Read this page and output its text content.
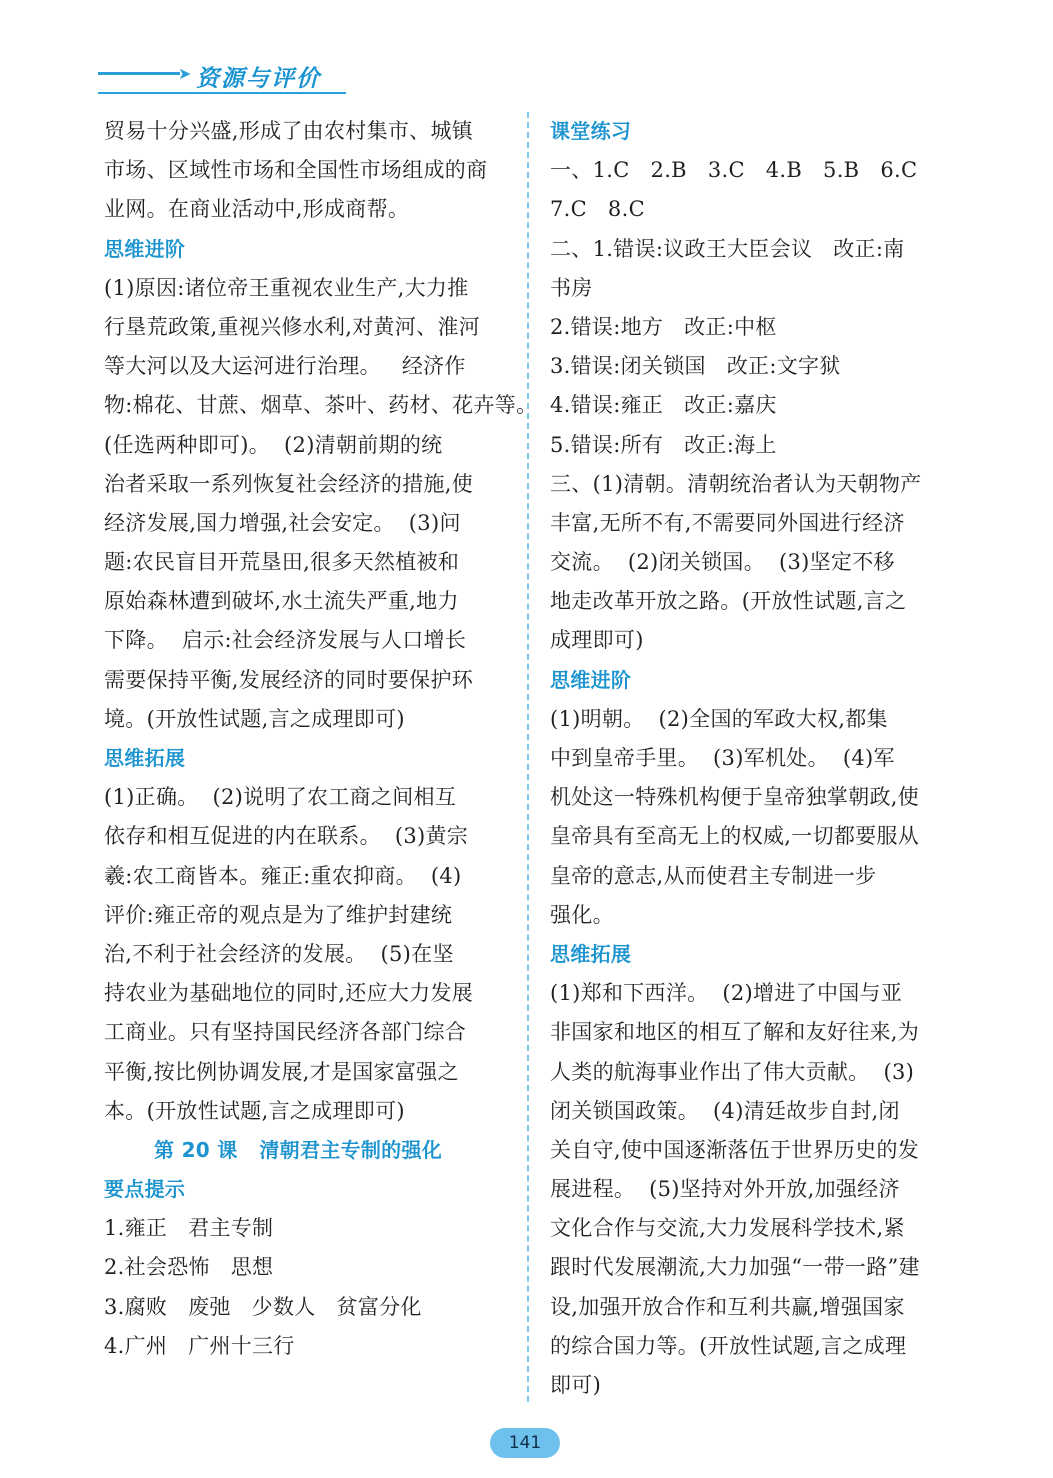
➤ 资源与评价
贸易十分兴盛,形成了由农村集市、城镇
市场、区域性市场和全国性市场组成的商
业网。在商业活动中,形成商帮。
思维进阶
(1)原因:诸位帝王重视农业生产,大力推
行垦荒政策,重视兴修水利,对黄河、淮河
等大河以及大运河进行治理。   经济作
物:棉花、甘蔗、烟草、茶叶、药材、花卉等。
(任选两种即可)。  (2)清朝前期的统
治者采取一系列恢复社会经济的措施,使
经济发展,国力增强,社会安定。  (3)问
题:农民盲目开荒垦田,很多天然植被和
原始森林遭到破坏,水土流失严重,地力
下降。  启示:社会经济发展与人口增长
需要保持平衡,发展经济的同时要保护环
境。(开放性试题,言之成理即可)
思维拓展
(1)正确。  (2)说明了农工商之间相互
依存和相互促进的内在联系。  (3)黄宗
羲:农工商皆本。雍正:重农抑商。  (4)
评价:雍正帝的观点是为了维护封建统
治,不利于社会经济的发展。  (5)在坚
持农业为基础地位的同时,还应大力发展
工商业。只有坚持国民经济各部门综合
平衡,按比例协调发展,才是国家富强之
本。(开放性试题,言之成理即可)
第 20 课   清朝君主专制的强化
要点提示
1.雍正   君主专制
2.社会恐怖   思想
3.腐败   废弛   少数人   贫富分化
4.广州   广州十三行
课堂练习
一、1.C   2.B   3.C   4.B   5.B   6.C
7.C   8.C
二、1.错误:议政王大臣会议   改正:南
书房
2.错误:地方   改正:中枢
3.错误:闭关锁国   改正:文字狱
4.错误:雍正   改正:嘉庆
5.错误:所有   改正:海上
三、(1)清朝。清朝统治者认为天朝物产
丰富,无所不有,不需要同外国进行经济
交流。  (2)闭关锁国。  (3)坚定不移
地走改革开放之路。(开放性试题,言之
成理即可)
思维进阶
(1)明朝。  (2)全国的军政大权,都集
中到皇帝手里。  (3)军机处。  (4)军
机处这一特殊机构便于皇帝独掌朝政,使
皇帝具有至高无上的权威,一切都要服从
皇帝的意志,从而使君主专制进一步
强化。
思维拓展
(1)郑和下西洋。  (2)增进了中国与亚
非国家和地区的相互了解和友好往来,为
人类的航海事业作出了伟大贡献。  (3)
闭关锁国政策。  (4)清廷故步自封,闭
关自守,使中国逐渐落伍于世界历史的发
展进程。  (5)坚持对外开放,加强经济
文化合作与交流,大力发展科学技术,紧
跟时代发展潮流,大力加强“一带一路”建
设,加强开放合作和互利共赢,增强国家
的综合国力等。(开放性试题,言之成理
即可)
141
